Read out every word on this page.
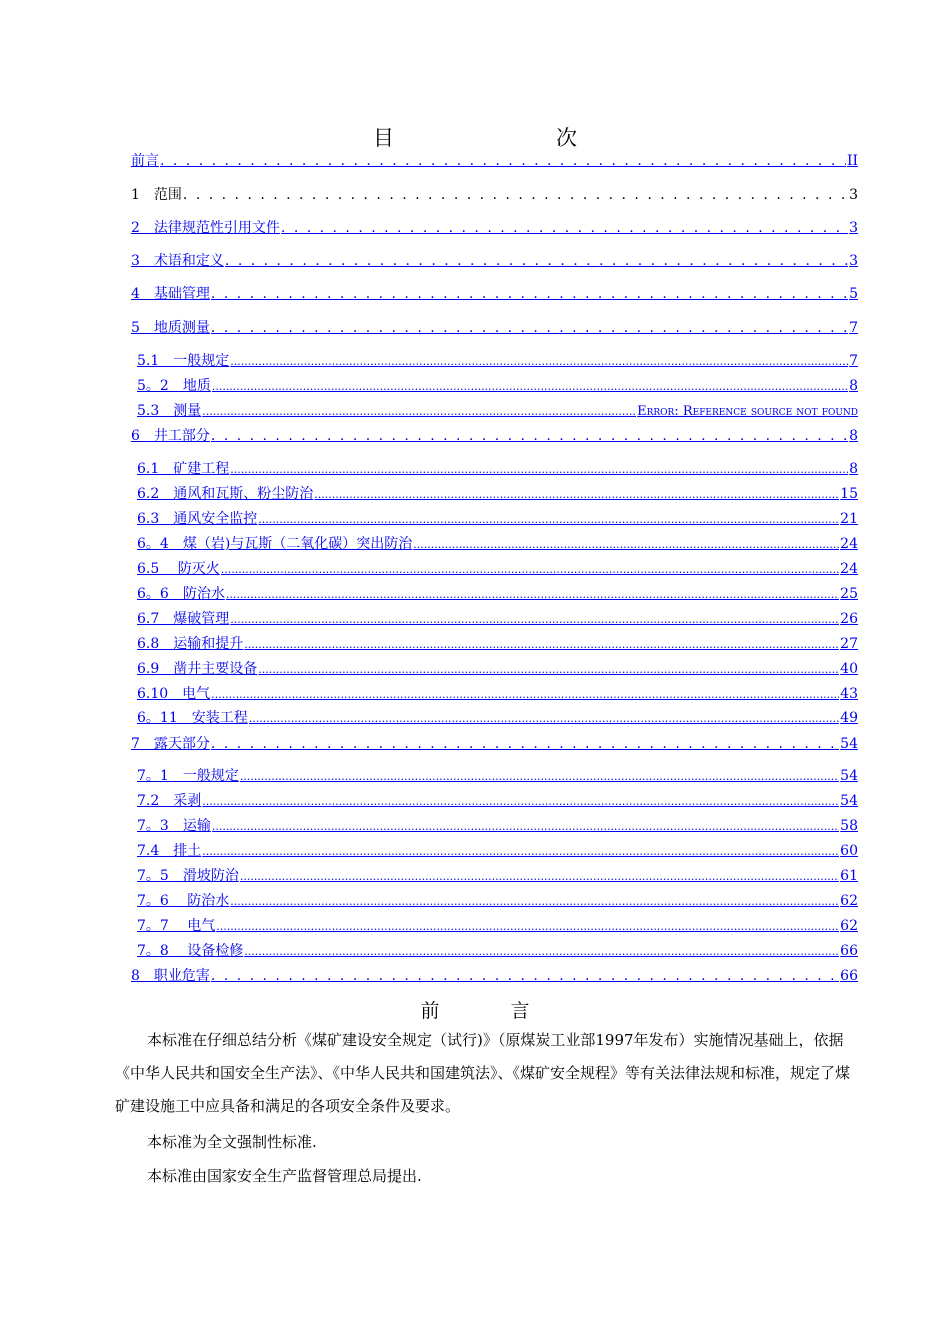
目　　次
前言 . . .	II
1　范围 . . .	3
2　法律规范性引用文件 . . .	3
3　术语和定义 . . .	3
4　基础管理 . . .	5
5　地质测量 . . .	7
5.1　一般规定 .....	7
5。2　地质 .....	8
5.3　测量 .....	Error: Reference source not found
6　井工部分 . . .	8
6.1　矿建工程 .....	8
6.2　通风和瓦斯、粉尘防治 .....	15
6.3　通风安全监控 .....	21
6。4　煤（岩)与瓦斯（二氧化碳）突出防治 .....	24
6.5　 防灭火 .....	24
6。6　防治水 .....	25
6.7　爆破管理 .....	26
6.8　运输和提升 .....	27
6.9　凿井主要设备 .....	40
6.10　电气 .....	43
6。11　安装工程 .....	49
7　露天部分 . . .	54
7。1　一般规定 .....	54
7.2　采剥 .....	54
7。3　运输 .....	58
7.4　排土 .....	60
7。5　滑坡防治 .....	61
7。6　 防治水 .....	62
7。7　 电气 .....	62
7。8　 设备检修 .....	66
8　职业危害 . . .	66
前　言
本标准在仔细总结分析《煤矿建设安全规定（试行)》（原煤炭工业部1997年发布）实施情况基础上，依据《中华人民共和国安全生产法》、《中华人民共和国建筑法》、《煤矿安全规程》等有关法律法规和标准，规定了煤矿建设施工中应具备和满足的各项安全条件及要求。
本标准为全文强制性标准.
本标准由国家安全生产监督管理总局提出.
